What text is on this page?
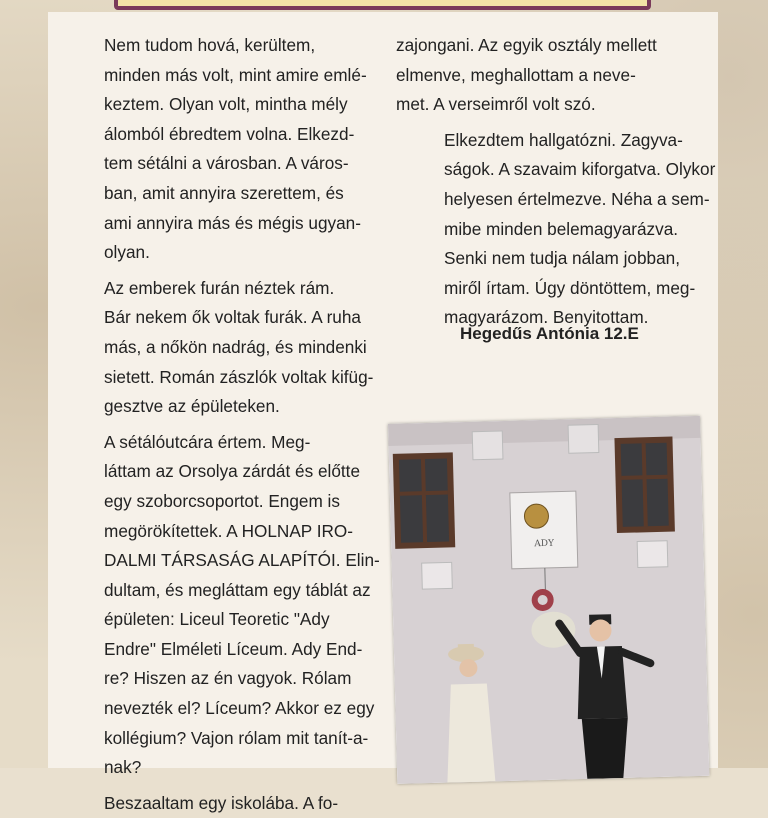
Nem tudom hová, kerültem,
minden más volt, mint amire emlé-
keztem. Olyan volt, mintha mély
álomból ébredtem volna. Elkezd-
tem sétálni a városban. A város-
ban, amit annyira szerettem, és
ami annyira más és mégis ugyan-
olyan.

Az emberek furán néztek rám.
Bár nekem ők voltak furák. A ruha
más, a nőkön nadrág, és mindenki
sietett. Román zászlók voltak kifüg-
gesztve az épületeken.

A sétálóutcára értem. Meg-
láttam az Orsolya zárdát és előtte
egy szoborcsoportot. Engem is
megörökítettek. A HOLNAP IRO-
DALMI TÁRSASÁG ALAPÍTÓI. Elin-
dultam, és megláttam egy táblát az
épületen: Liceul Teoretic "Ady
Endre" Elméleti Líceum. Ady End-
re? Hiszen az én vagyok. Rólam
nevezték el? Líceum? Akkor ez egy
kollégium? Vajon rólam mit tanít-a-
nak?

Beszaaltam egy iskolába. A fo-

zajongani. Az egyik osztály mellett
elmenve, meghallottam a neve-
met. A verseimről volt szó.

Elkezdtem hallgatózni. Zagyva-
ságok. A szavaim kiforgatva. Olykor
helyesen értelmezve. Néha a sem-
mibe minden belemagyarázva.
Senki nem tudja nálam jobban,
miről írtam. Úgy döntöttem, meg-
magyarázom. Benyitottam.

Hegedűs Antónia 12.E
ADY
